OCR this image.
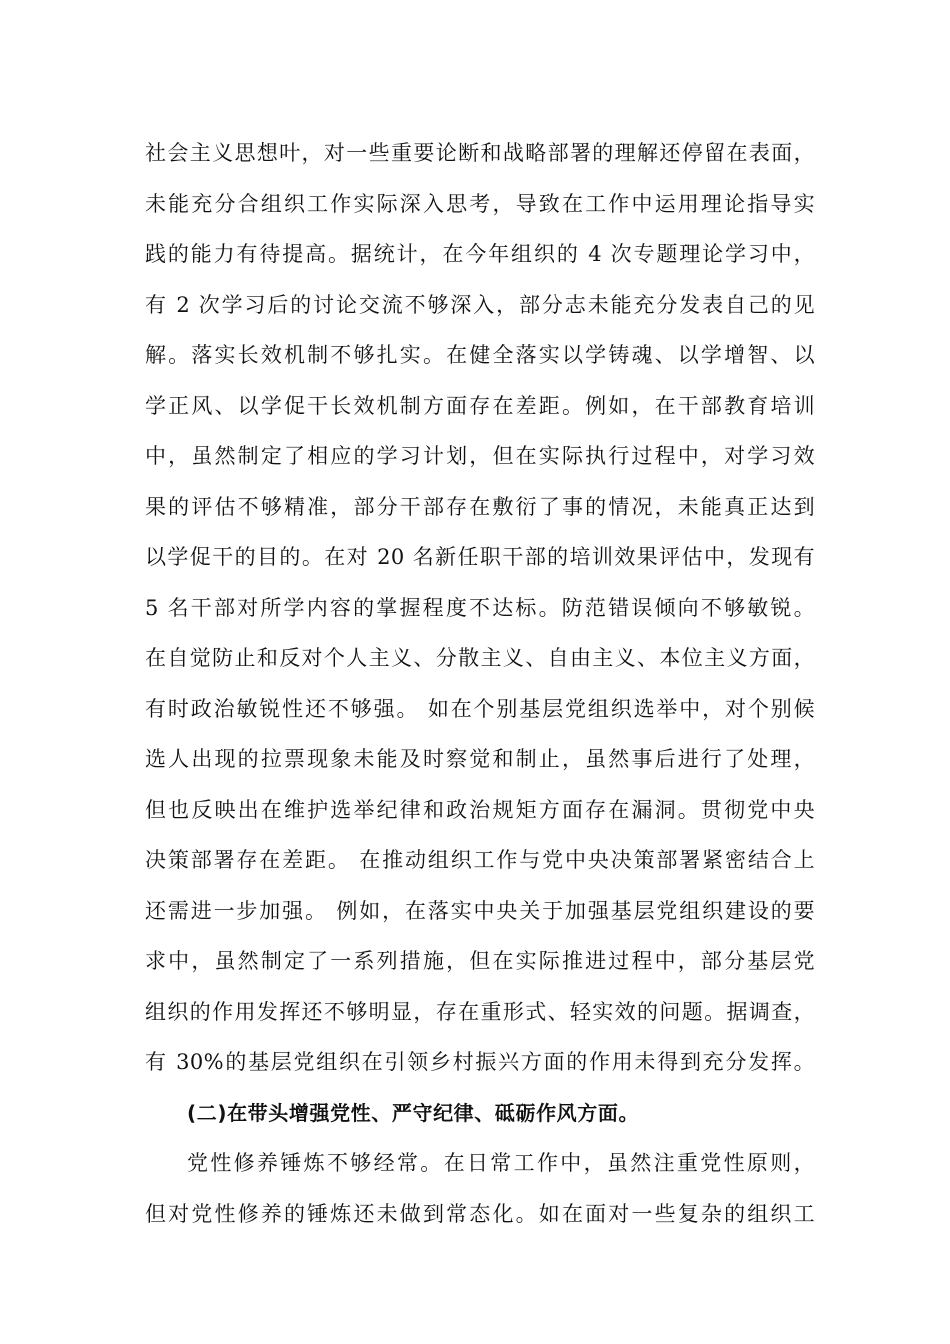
社会主义思想叶，对一些重要论断和战略部署的理解还停留在表面，
未能充分合组织工作实际深入思考，导致在工作中运用理论指导实
践的能力有待提高。据统计，在今年组织的 4 次专题理论学习中，
有 2 次学习后的讨论交流不够深入，部分志未能充分发表自己的见
解。落实长效机制不够扎实。在健全落实以学铸魂、以学增智、以
学正风、以学促干长效机制方面存在差距。例如，在干部教育培训
中，虽然制定了相应的学习计划，但在实际执行过程中，对学习效
果的评估不够精准，部分干部存在敷衍了事的情况，未能真正达到
以学促干的目的。在对 20 名新任职干部的培训效果评估中，发现有
5 名干部对所学内容的掌握程度不达标。防范错误倾向不够敏锐。
在自觉防止和反对个人主义、分散主义、自由主义、本位主义方面，
有时政治敏锐性还不够强。 如在个别基层党组织选举中，对个别候
选人出现的拉票现象未能及时察觉和制止，虽然事后进行了处理，
但也反映出在维护选举纪律和政治规矩方面存在漏洞。贯彻党中央
决策部署存在差距。 在推动组织工作与党中央决策部署紧密结合上
还需进一步加强。 例如，在落实中央关于加强基层党组织建设的要
求中，虽然制定了一系列措施，但在实际推进过程中，部分基层党
组织的作用发挥还不够明显，存在重形式、轻实效的问题。据调查，
有 30%的基层党组织在引领乡村振兴方面的作用未得到充分发挥。
(二)在带头增强党性、严守纪律、砥砺作风方面。
党性修养锤炼不够经常。在日常工作中，虽然注重党性原则，
但对党性修养的锤炼还未做到常态化。如在面对一些复杂的组织工
